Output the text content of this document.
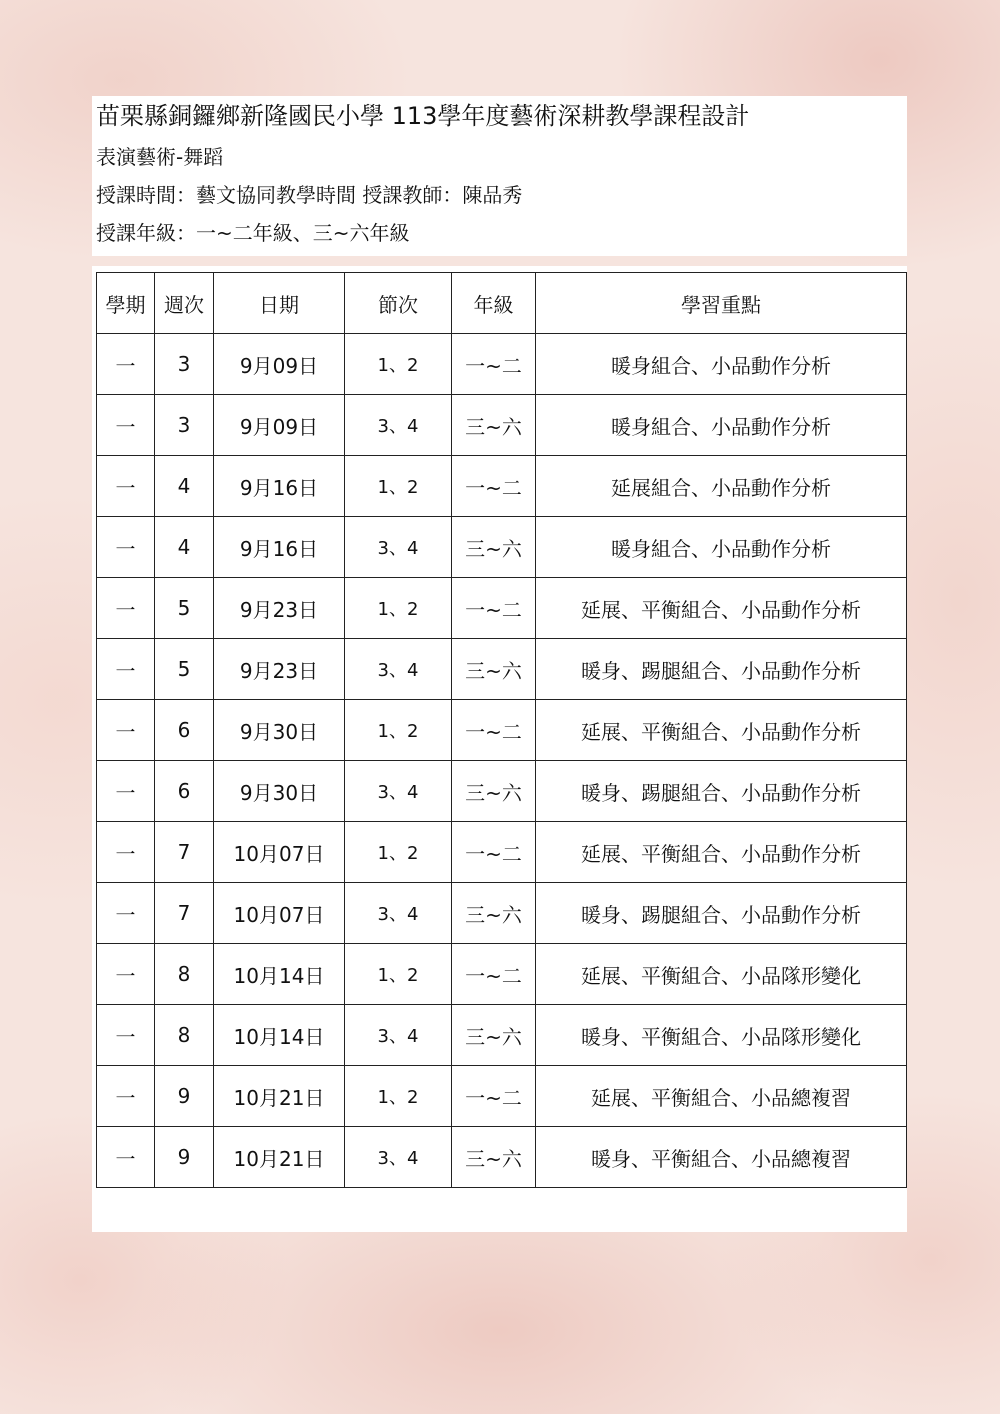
苗栗縣銅鑼鄉新隆國民小學 113學年度藝術深耕教學課程設計
表演藝術-舞蹈
授課時間：藝文協同教學時間 授課教師：陳品秀
授課年級：一~二年級、三~六年級
學期	週次	日期	節次	年級	學習重點
一	3	9月09日	1、2	一~二	暖身組合、小品動作分析
一	3	9月09日	3、4	三~六	暖身組合、小品動作分析
一	4	9月16日	1、2	一~二	延展組合、小品動作分析
一	4	9月16日	3、4	三~六	暖身組合、小品動作分析
一	5	9月23日	1、2	一~二	延展、平衡組合、小品動作分析
一	5	9月23日	3、4	三~六	暖身、踢腿組合、小品動作分析
一	6	9月30日	1、2	一~二	延展、平衡組合、小品動作分析
一	6	9月30日	3、4	三~六	暖身、踢腿組合、小品動作分析
一	7	10月07日	1、2	一~二	延展、平衡組合、小品動作分析
一	7	10月07日	3、4	三~六	暖身、踢腿組合、小品動作分析
一	8	10月14日	1、2	一~二	延展、平衡組合、小品隊形變化
一	8	10月14日	3、4	三~六	暖身、平衡組合、小品隊形變化
一	9	10月21日	1、2	一~二	延展、平衡組合、小品總複習
一	9	10月21日	3、4	三~六	暖身、平衡組合、小品總複習
